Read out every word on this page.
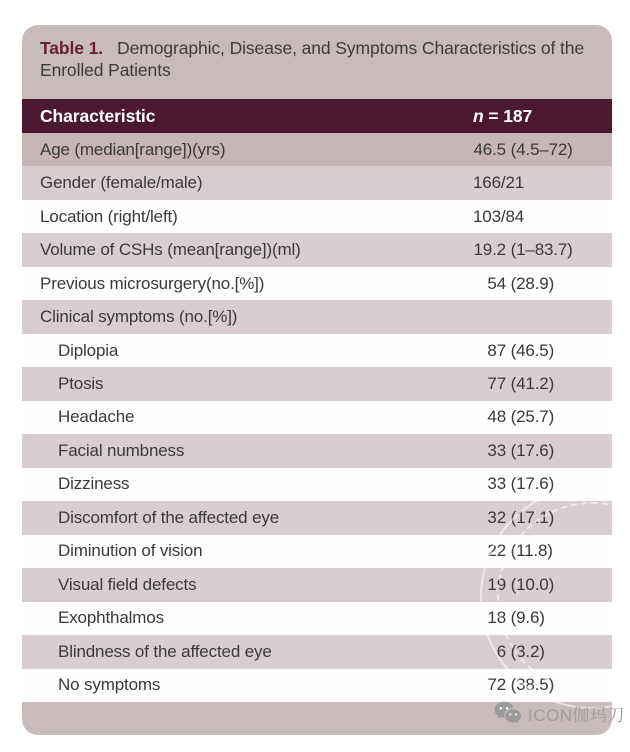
Table 1. Demographic, Disease, and Symptoms Characteristics of the Enrolled Patients
Characteristic	n = 187
Age (median[range])(yrs)	46.5 (4.5–72)
Gender (female/male)	166/21
Location (right/left)	103/84
Volume of CSHs (mean[range])(ml)	19.2 (1–83.7)
Previous microsurgery(no.[%])	54 (28.9)
Clinical symptoms (no.[%])
Diplopia	87 (46.5)
Ptosis	77 (41.2)
Headache	48 (25.7)
Facial numbness	33 (17.6)
Dizziness	33 (17.6)
Discomfort of the affected eye	32 (17.1)
Diminution of vision	22 (11.8)
Visual field defects	19 (10.0)
Exophthalmos	18 (9.6)
Blindness of the affected eye	6 (3.2)
No symptoms	72 (38.5)
ICON伽玛刀
